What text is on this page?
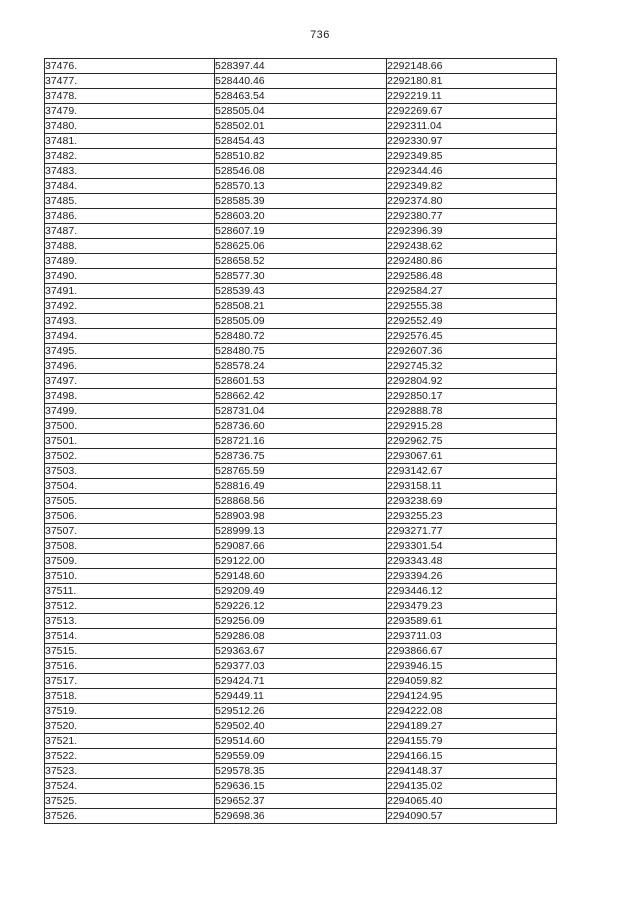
736
37476.	528397.44	2292148.66
37477.	528440.46	2292180.81
37478.	528463.54	2292219.11
37479.	528505.04	2292269.67
37480.	528502.01	2292311.04
37481.	528454.43	2292330.97
37482.	528510.82	2292349.85
37483.	528546.08	2292344.46
37484.	528570.13	2292349.82
37485.	528585.39	2292374.80
37486.	528603.20	2292380.77
37487.	528607.19	2292396.39
37488.	528625.06	2292438.62
37489.	528658.52	2292480.86
37490.	528577.30	2292586.48
37491.	528539.43	2292584.27
37492.	528508.21	2292555.38
37493.	528505.09	2292552.49
37494.	528480.72	2292576.45
37495.	528480.75	2292607.36
37496.	528578.24	2292745.32
37497.	528601.53	2292804.92
37498.	528662.42	2292850.17
37499.	528731.04	2292888.78
37500.	528736.60	2292915.28
37501.	528721.16	2292962.75
37502.	528736.75	2293067.61
37503.	528765.59	2293142.67
37504.	528816.49	2293158.11
37505.	528868.56	2293238.69
37506.	528903.98	2293255.23
37507.	528999.13	2293271.77
37508.	529087.66	2293301.54
37509.	529122.00	2293343.48
37510.	529148.60	2293394.26
37511.	529209.49	2293446.12
37512.	529226.12	2293479.23
37513.	529256.09	2293589.61
37514.	529286.08	2293711.03
37515.	529363.67	2293866.67
37516.	529377.03	2293946.15
37517.	529424.71	2294059.82
37518.	529449.11	2294124.95
37519.	529512.26	2294222.08
37520.	529502.40	2294189.27
37521.	529514.60	2294155.79
37522.	529559.09	2294166.15
37523.	529578.35	2294148.37
37524.	529636.15	2294135.02
37525.	529652.37	2294065.40
37526.	529698.36	2294090.57
